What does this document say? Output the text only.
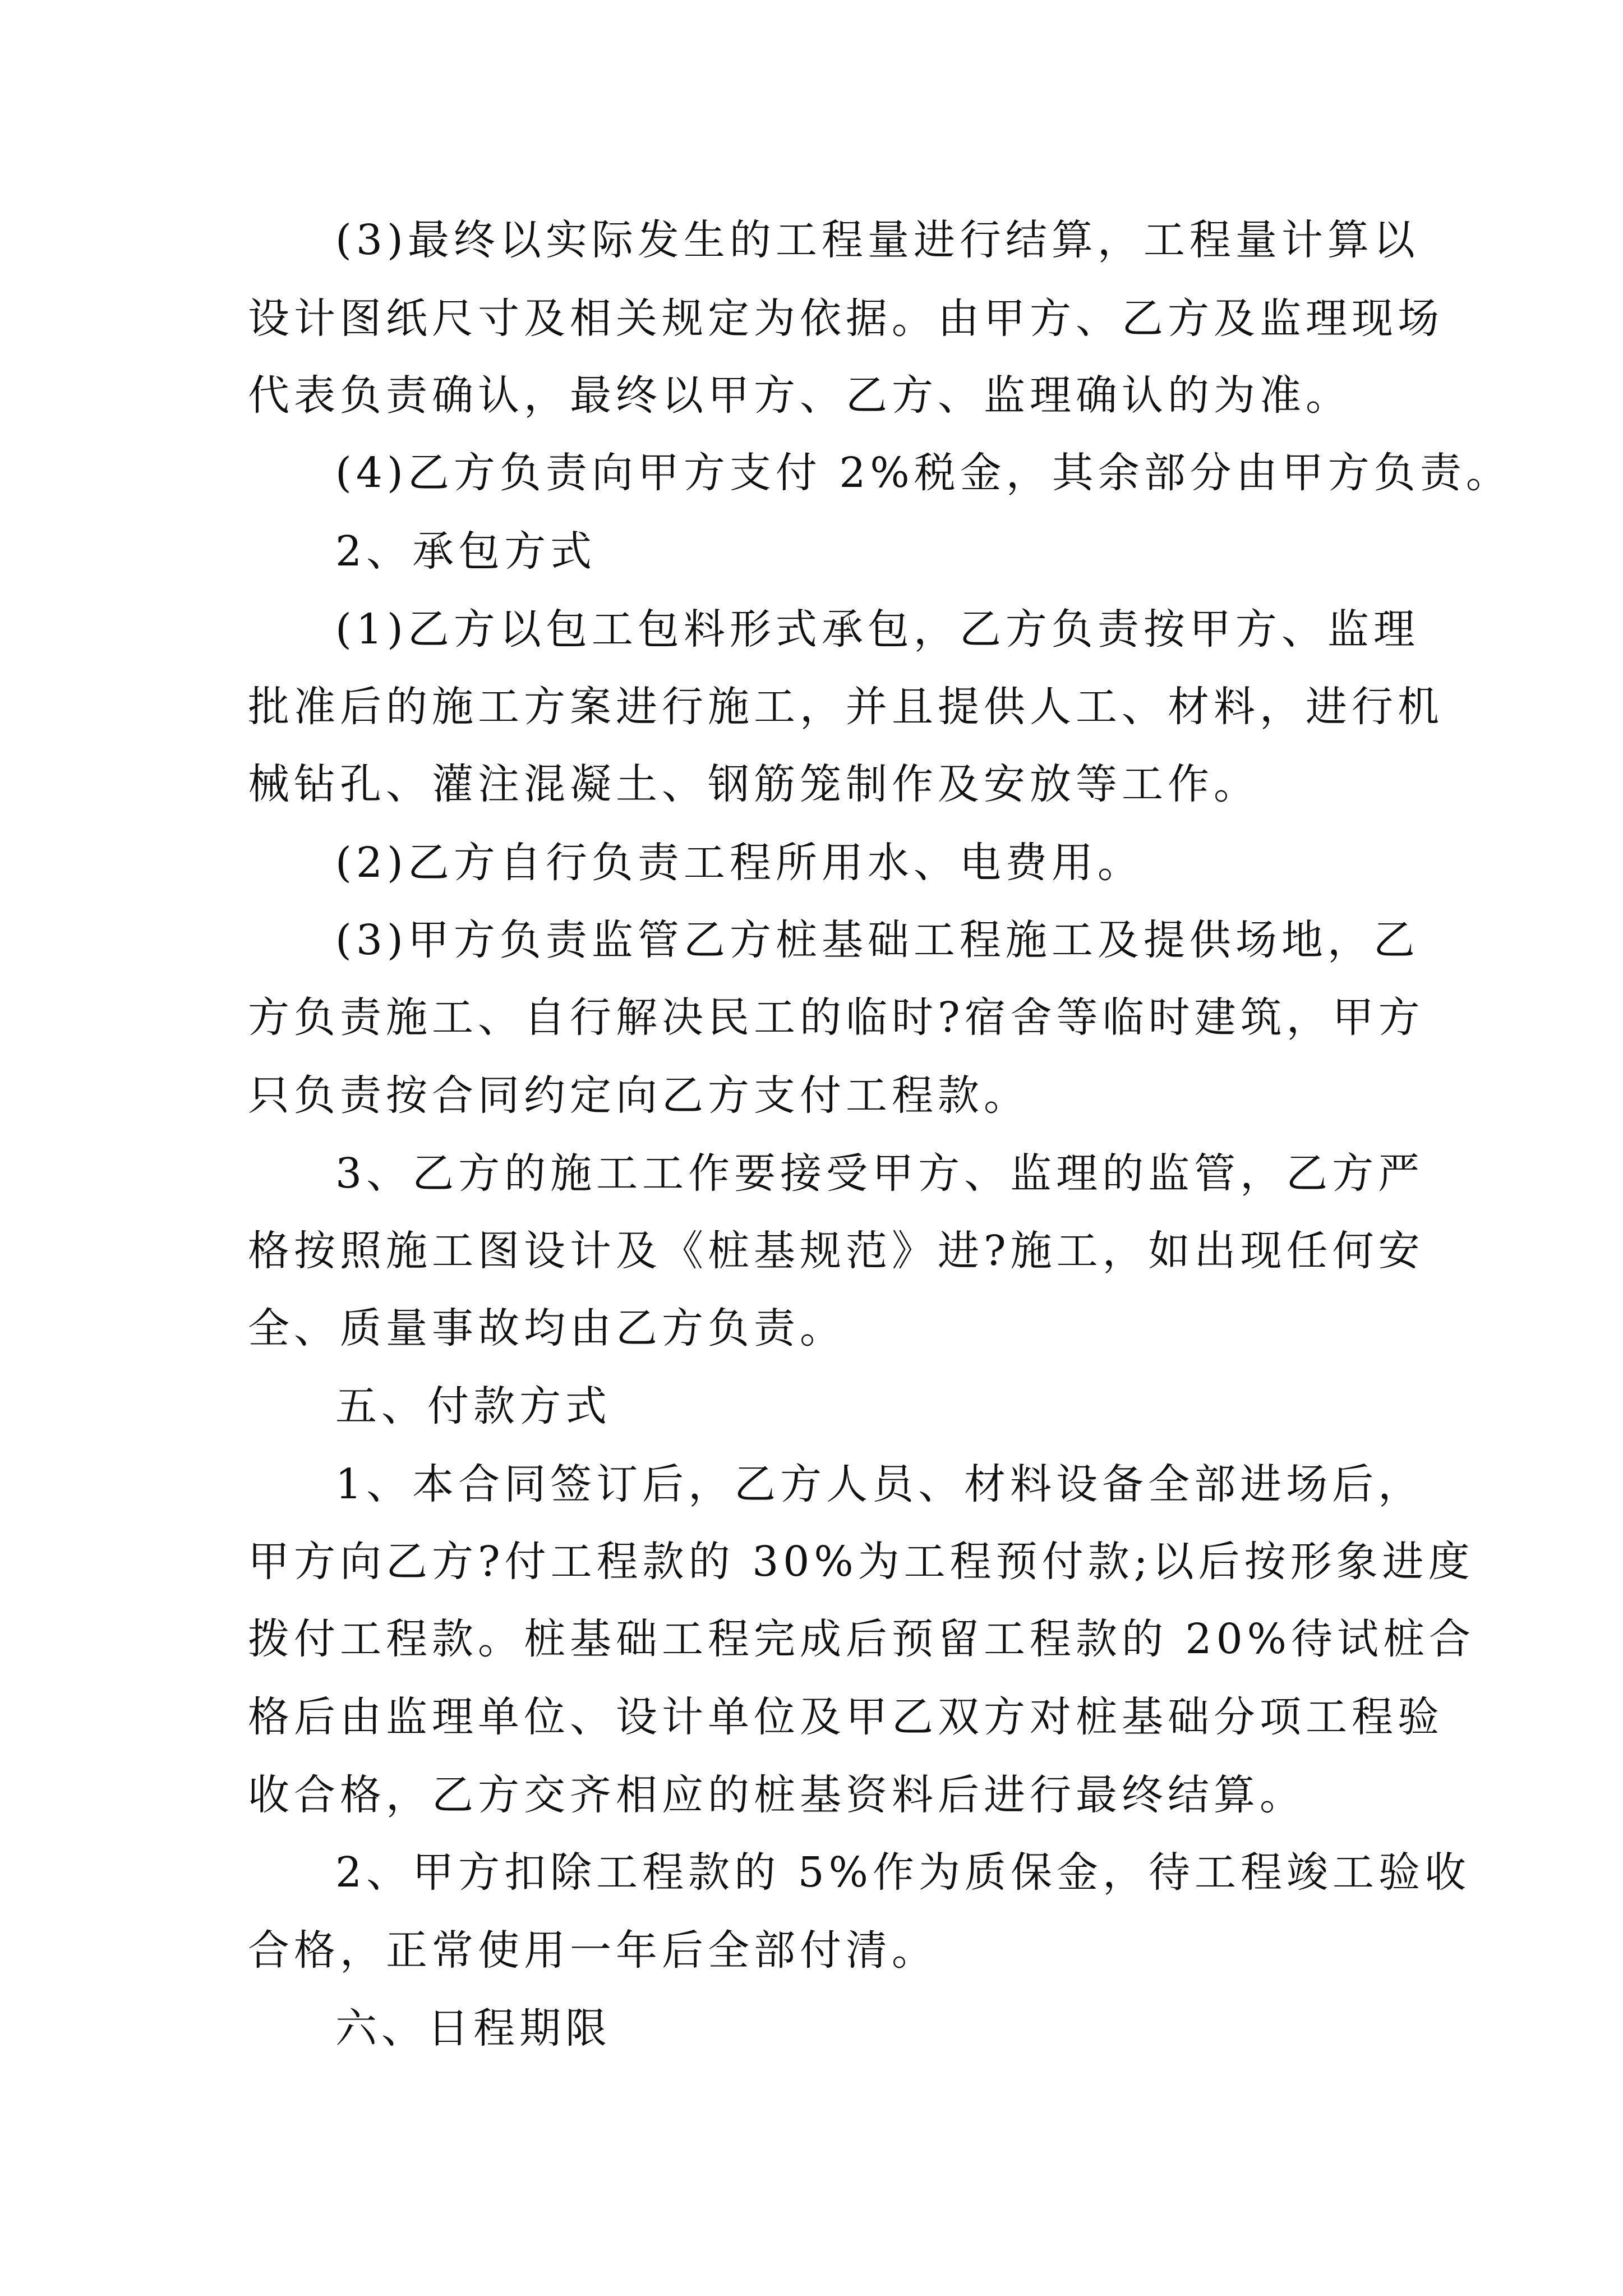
(3)最终以实际发生的工程量进行结算，工程量计算以
设计图纸尺寸及相关规定为依据。由甲方、乙方及监理现场
代表负责确认，最终以甲方、乙方、监理确认的为准。
(4)乙方负责向甲方支付 2%税金，其余部分由甲方负责。
2、承包方式
(1)乙方以包工包料形式承包，乙方负责按甲方、监理
批准后的施工方案进行施工，并且提供人工、材料，进行机
械钻孔、灌注混凝土、钢筋笼制作及安放等工作。
(2)乙方自行负责工程所用水、电费用。
(3)甲方负责监管乙方桩基础工程施工及提供场地，乙
方负责施工、自行解决民工的临时?宿舍等临时建筑，甲方
只负责按合同约定向乙方支付工程款。
3、乙方的施工工作要接受甲方、监理的监管，乙方严
格按照施工图设计及《桩基规范》进?施工，如出现任何安
全、质量事故均由乙方负责。
五、付款方式
1、本合同签订后，乙方人员、材料设备全部进场后，
甲方向乙方?付工程款的 30%为工程预付款;以后按形象进度
拨付工程款。桩基础工程完成后预留工程款的 20%待试桩合
格后由监理单位、设计单位及甲乙双方对桩基础分项工程验
收合格，乙方交齐相应的桩基资料后进行最终结算。
2、甲方扣除工程款的 5%作为质保金，待工程竣工验收
合格，正常使用一年后全部付清。
六、日程期限
